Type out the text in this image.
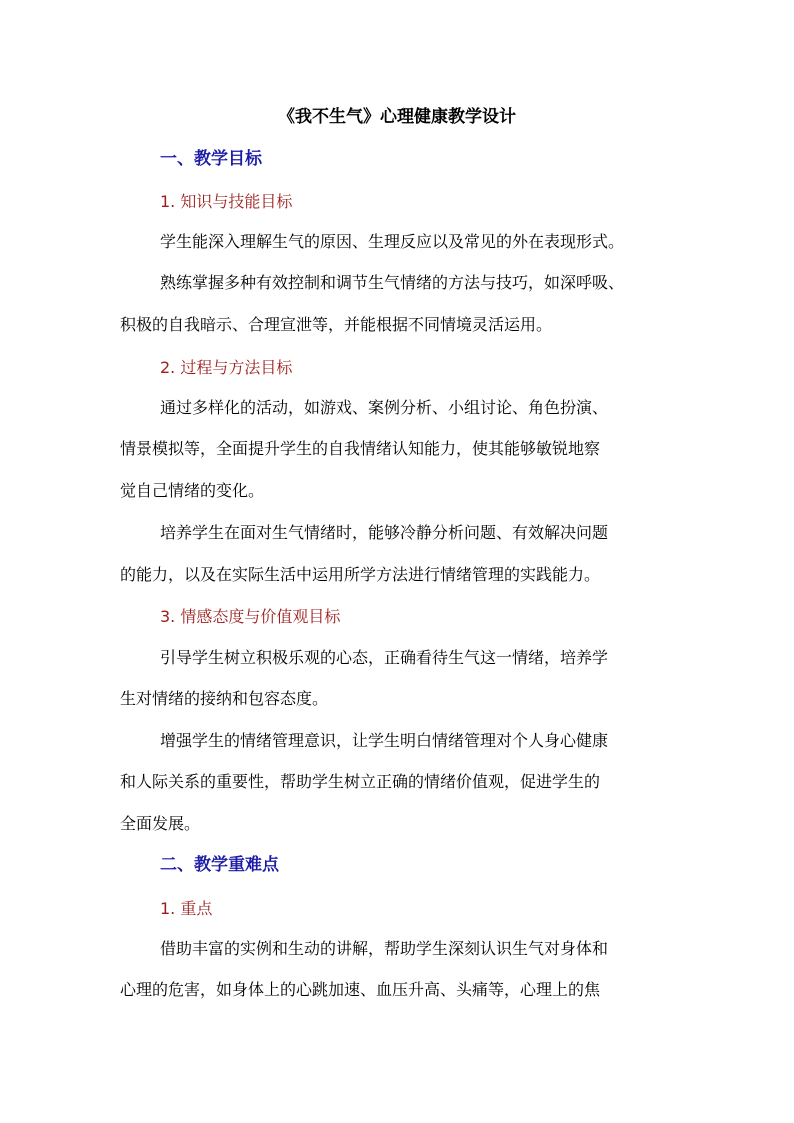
《我不生气》心理健康教学设计
一、教学目标
1. 知识与技能目标
学生能深入理解生气的原因、生理反应以及常见的外在表现形式。
熟练掌握多种有效控制和调节生气情绪的方法与技巧，如深呼吸、
积极的自我暗示、合理宣泄等，并能根据不同情境灵活运用。
2. 过程与方法目标
通过多样化的活动，如游戏、案例分析、小组讨论、角色扮演、
情景模拟等，全面提升学生的自我情绪认知能力，使其能够敏锐地察
觉自己情绪的变化。
培养学生在面对生气情绪时，能够冷静分析问题、有效解决问题
的能力，以及在实际生活中运用所学方法进行情绪管理的实践能力。
3. 情感态度与价值观目标
引导学生树立积极乐观的心态，正确看待生气这一情绪，培养学
生对情绪的接纳和包容态度。
增强学生的情绪管理意识，让学生明白情绪管理对个人身心健康
和人际关系的重要性，帮助学生树立正确的情绪价值观，促进学生的
全面发展。
二、教学重难点
1. 重点
借助丰富的实例和生动的讲解，帮助学生深刻认识生气对身体和
心理的危害，如身体上的心跳加速、血压升高、头痛等，心理上的焦
